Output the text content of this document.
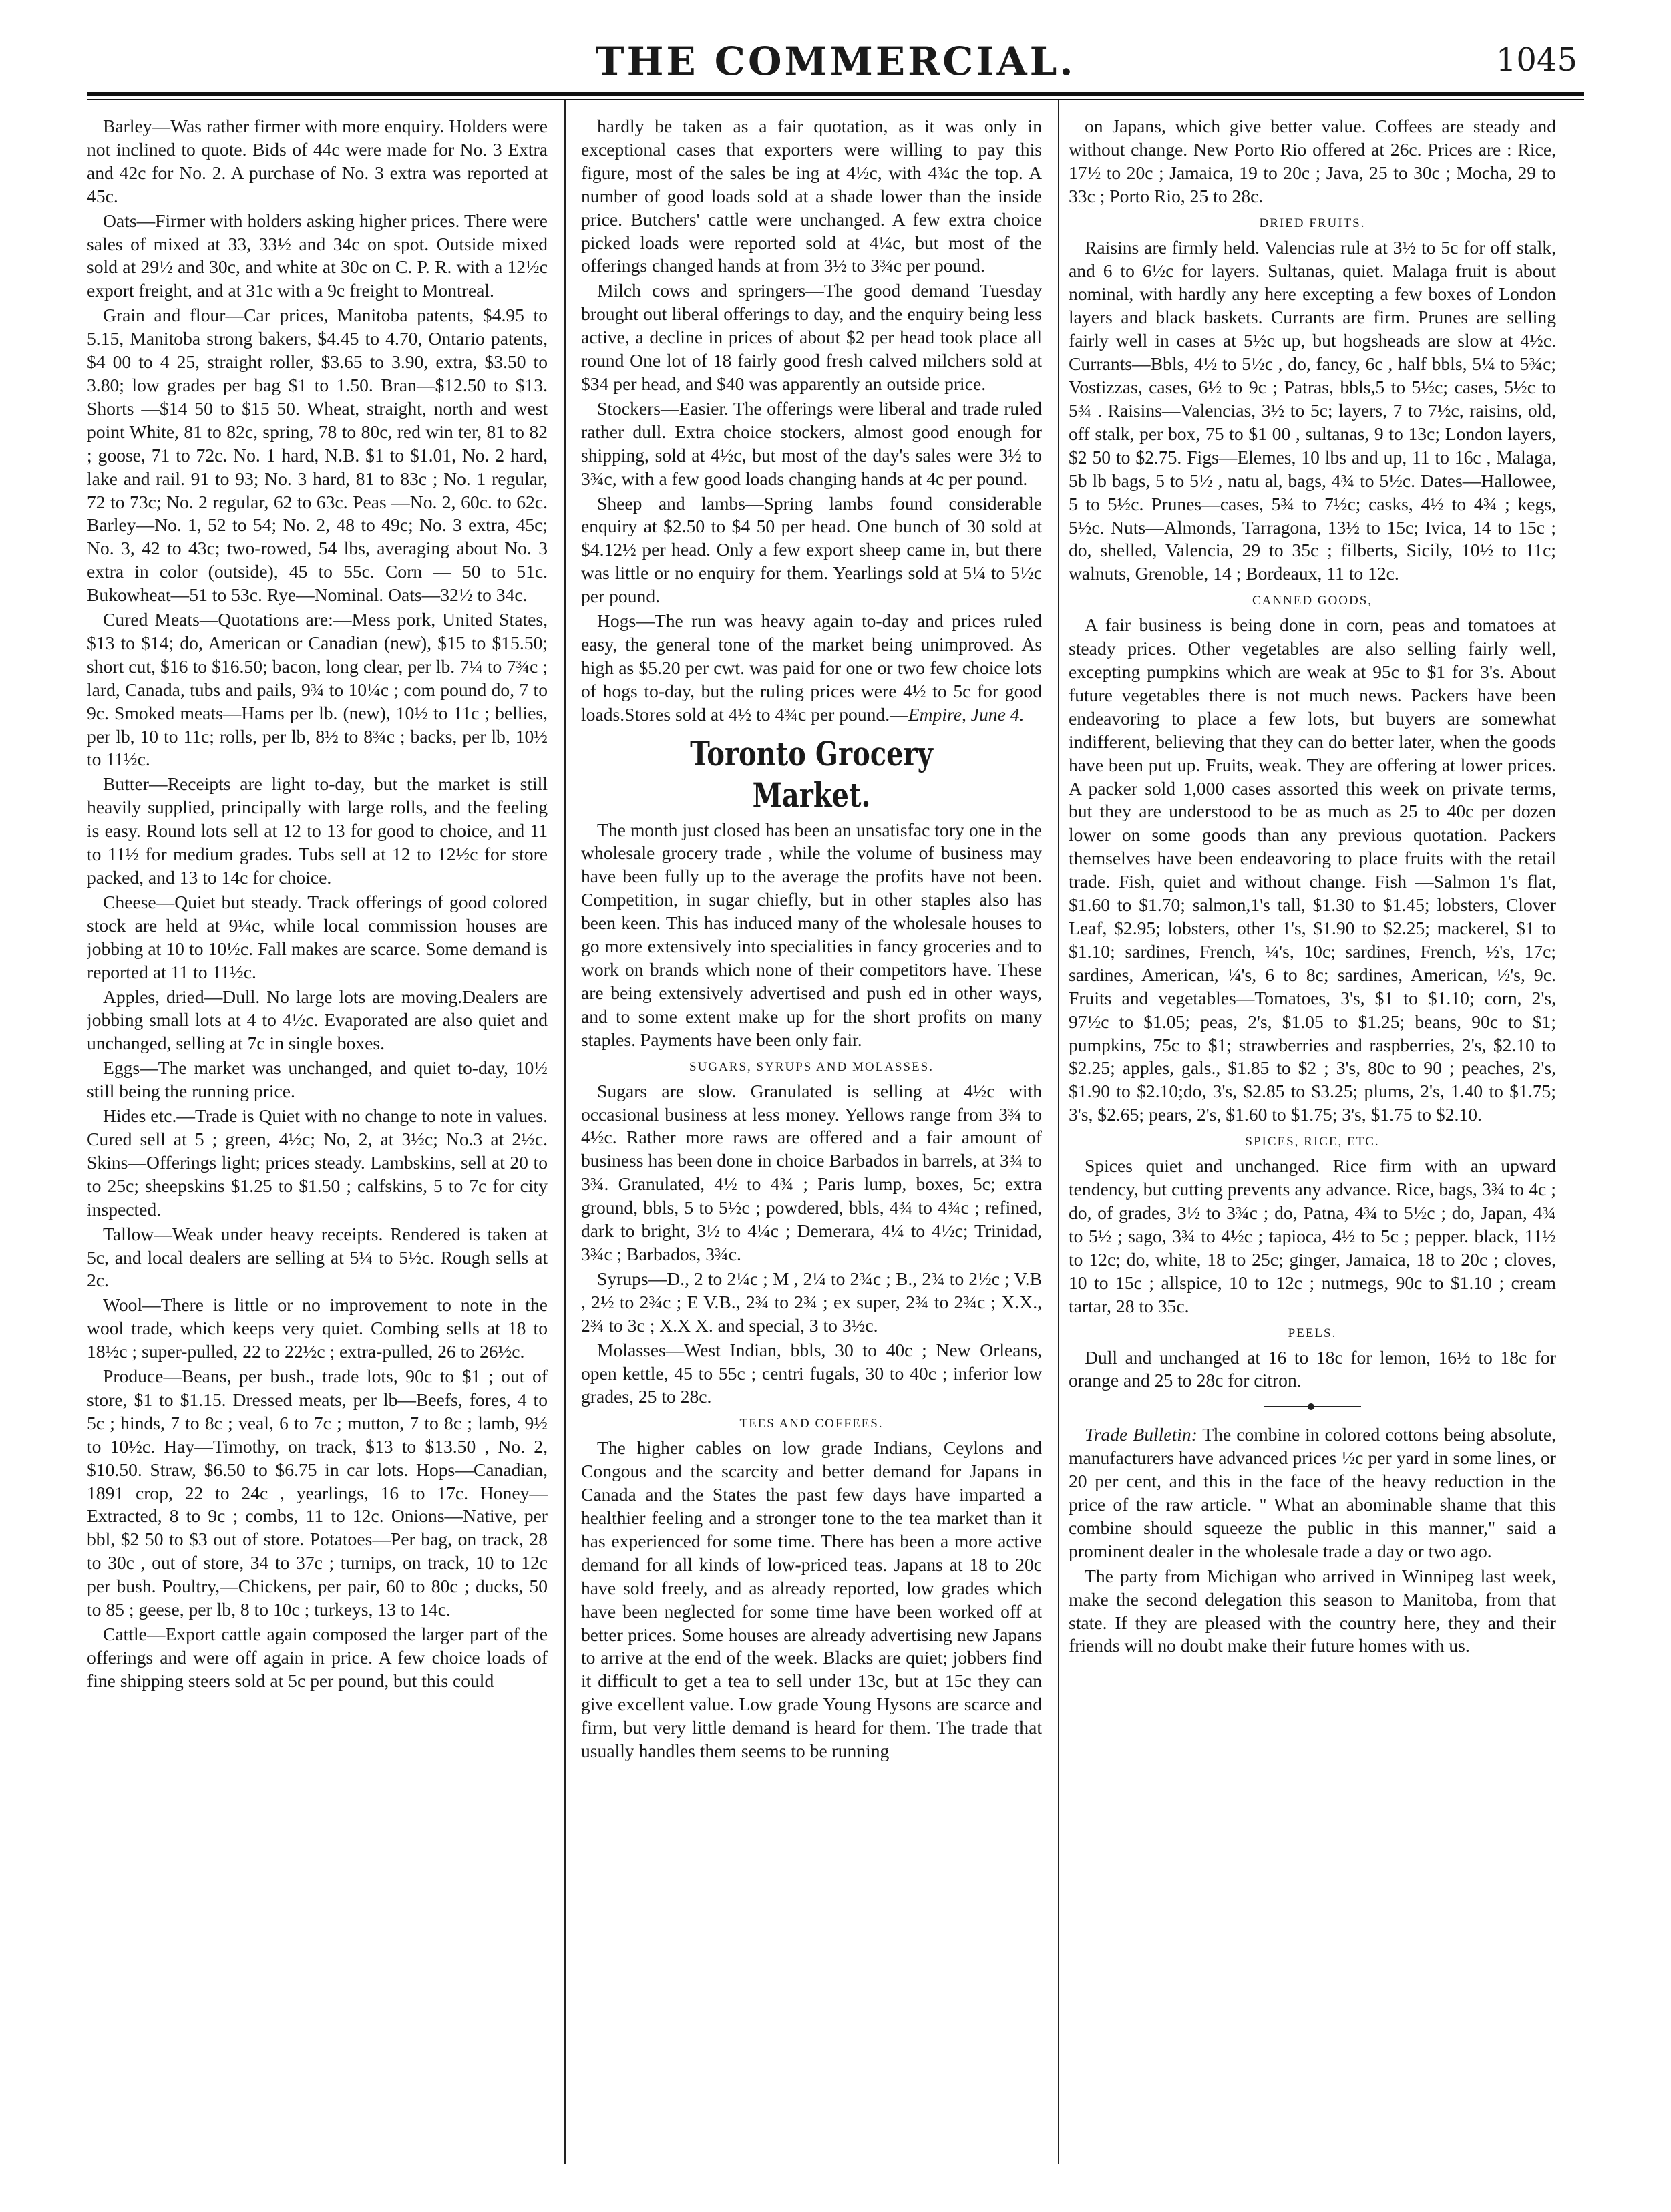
THE COMMERCIAL.	1045

Barley—Was rather firmer with more enquiry. Holders were not inclined to quote. Bids of 44c were made for No. 3 Extra and 42c for No. 2. A purchase of No. 3 extra was reported at 45c.

Oats—Firmer with holders asking higher prices. There were sales of mixed at 33, 33½ and 34c on spot. Outside mixed sold at 29½ and 30c, and white at 30c on C. P. R. with a 12½c export freight, and at 31c with a 9c freight to Montreal.

Grain and flour—Car prices, Manitoba patents, $4.95 to 5.15, Manitoba strong bakers, $4.45 to 4.70, Ontario patents, $4 00 to 4 25, straight roller, $3.65 to 3.90, extra, $3.50 to 3.80; low grades per bag $1 to 1.50. Bran—$12.50 to $13. Shorts —$14 50 to $15 50. Wheat, straight, north and west point White, 81 to 82c, spring, 78 to 80c, red win ter, 81 to 82 ; goose, 71 to 72c. No. 1 hard, N.B. $1 to $1.01, No. 2 hard, lake and rail. 91 to 93; No. 3 hard, 81 to 83c ; No. 1 regular, 72 to 73c; No. 2 regular, 62 to 63c. Peas —No. 2, 60c. to 62c. Barley—No. 1, 52 to 54; No. 2, 48 to 49c; No. 3 extra, 45c; No. 3, 42 to 43c; two-rowed, 54 lbs, averaging about No. 3 extra in color (outside), 45 to 55c. Corn — 50 to 51c. Bukowheat—51 to 53c. Rye—Nominal. Oats—32½ to 34c.

Cured Meats—Quotations are:—Mess pork, United States, $13 to $14; do, American or Canadian (new), $15 to $15.50; short cut, $16 to $16.50; bacon, long clear, per lb. 7¼ to 7¾c ; lard, Canada, tubs and pails, 9¾ to 10¼c ; com pound do, 7 to 9c. Smoked meats—Hams per lb. (new), 10½ to 11c ; bellies, per lb, 10 to 11c; rolls, per lb, 8½ to 8¾c ; backs, per lb, 10½ to 11½c.

Butter—Receipts are light to-day, but the market is still heavily supplied, principally with large rolls, and the feeling is easy. Round lots sell at 12 to 13 for good to choice, and 11 to 11½ for medium grades. Tubs sell at 12 to 12½c for store packed, and 13 to 14c for choice.

Cheese—Quiet but steady. Track offerings of good colored stock are held at 9¼c, while local commission houses are jobbing at 10 to 10½c. Fall makes are scarce. Some demand is reported at 11 to 11½c.

Apples, dried—Dull. No large lots are moving.Dealers are jobbing small lots at 4 to 4½c. Evaporated are also quiet and unchanged, selling at 7c in single boxes.

Eggs—The market was unchanged, and quiet to-day, 10½ still being the running price.

Hides etc.—Trade is Quiet with no change to note in values. Cured sell at 5 ; green, 4½c; No, 2, at 3½c; No.3 at 2½c. Skins—Offerings light; prices steady. Lambskins, sell at 20 to to 25c; sheepskins $1.25 to $1.50 ; calfskins, 5 to 7c for city inspected.

Tallow—Weak under heavy receipts. Rendered is taken at 5c, and local dealers are selling at 5¼ to 5½c. Rough sells at 2c.

Wool—There is little or no improvement to note in the wool trade, which keeps very quiet. Combing sells at 18 to 18½c ; super-pulled, 22 to 22½c ; extra-pulled, 26 to 26½c.

Produce—Beans, per bush., trade lots, 90c to $1 ; out of store, $1 to $1.15. Dressed meats, per lb—Beefs, fores, 4 to 5c ; hinds, 7 to 8c ; veal, 6 to 7c ; mutton, 7 to 8c ; lamb, 9½ to 10½c. Hay—Timothy, on track, $13 to $13.50 , No. 2, $10.50. Straw, $6.50 to $6.75 in car lots. Hops—Canadian, 1891 crop, 22 to 24c , yearlings, 16 to 17c. Honey—Extracted, 8 to 9c ; combs, 11 to 12c. Onions—Native, per bbl, $2 50 to $3 out of store. Potatoes—Per bag, on track, 28 to 30c , out of store, 34 to 37c ; turnips, on track, 10 to 12c per bush. Poultry,—Chickens, per pair, 60 to 80c ; ducks, 50 to 85 ; geese, per lb, 8 to 10c ; turkeys, 13 to 14c.

Cattle—Export cattle again composed the larger part of the offerings and were off again in price. A few choice loads of fine shipping steers sold at 5c per pound, but this could

hardly be taken as a fair quotation, as it was only in exceptional cases that exporters were willing to pay this figure, most of the sales be ing at 4½c, with 4¾c the top. A number of good loads sold at a shade lower than the inside price. Butchers' cattle were unchanged. A few extra choice picked loads were reported sold at 4¼c, but most of the offerings changed hands at from 3½ to 3¾c per pound.

Milch cows and springers—The good demand Tuesday brought out liberal offerings to day, and the enquiry being less active, a decline in prices of about $2 per head took place all round One lot of 18 fairly good fresh calved milchers sold at $34 per head, and $40 was apparently an outside price.

Stockers—Easier. The offerings were liberal and trade ruled rather dull. Extra choice stockers, almost good enough for shipping, sold at 4½c, but most of the day's sales were 3½ to 3¾c, with a few good loads changing hands at 4c per pound.

Sheep and lambs—Spring lambs found considerable enquiry at $2.50 to $4 50 per head. One bunch of 30 sold at $4.12½ per head. Only a few export sheep came in, but there was little or no enquiry for them. Yearlings sold at 5¼ to 5½c per pound.

Hogs—The run was heavy again to-day and prices ruled easy, the general tone of the market being unimproved. As high as $5.20 per cwt. was paid for one or two few choice lots of hogs to-day, but the ruling prices were 4½ to 5c for good loads.Stores sold at 4½ to 4¾c per pound.—Empire, June 4.

Toronto Grocery Market.

The month just closed has been an unsatisfac tory one in the wholesale grocery trade , while the volume of business may have been fully up to the average the profits have not been. Competition, in sugar chiefly, but in other staples also has been keen. This has induced many of the wholesale houses to go more extensively into specialities in fancy groceries and to work on brands which none of their competitors have. These are being extensively advertised and push ed in other ways, and to some extent make up for the short profits on many staples. Payments have been only fair.

SUGARS, SYRUPS AND MOLASSES.

Sugars are slow. Granulated is selling at 4½c with occasional business at less money. Yellows range from 3¾ to 4½c. Rather more raws are offered and a fair amount of business has been done in choice Barbados in barrels, at 3¾ to 3¾. Granulated, 4½ to 4¾ ; Paris lump, boxes, 5c; extra ground, bbls, 5 to 5½c ; powdered, bbls, 4¾ to 4¾c ; refined, dark to bright, 3½ to 4¼c ; Demerara, 4¼ to 4½c; Trinidad, 3¾c ; Barbados, 3¾c.

Syrups—D., 2 to 2¼c ; M , 2¼ to 2¾c ; B., 2¾ to 2½c ; V.B , 2½ to 2¾c ; E V.B., 2¾ to 2¾ ; ex super, 2¾ to 2¾c ; X.X., 2¾ to 3c ; X.X X. and special, 3 to 3½c.

Molasses—West Indian, bbls, 30 to 40c ; New Orleans, open kettle, 45 to 55c ; centri fugals, 30 to 40c ; inferior low grades, 25 to 28c.

TEES AND COFFEES.

The higher cables on low grade Indians, Ceylons and Congous and the scarcity and better demand for Japans in Canada and the States the past few days have imparted a healthier feeling and a stronger tone to the tea market than it has experienced for some time. There has been a more active demand for all kinds of low-priced teas. Japans at 18 to 20c have sold freely, and as already reported, low grades which have been neglected for some time have been worked off at better prices. Some houses are already advertising new Japans to arrive at the end of the week. Blacks are quiet; jobbers find it difficult to get a tea to sell under 13c, but at 15c they can give excellent value. Low grade Young Hysons are scarce and firm, but very little demand is heard for them. The trade that usually handles them seems to be running

on Japans, which give better value. Coffees are steady and without change. New Porto Rio offered at 26c. Prices are : Rice, 17½ to 20c ; Jamaica, 19 to 20c ; Java, 25 to 30c ; Mocha, 29 to 33c ; Porto Rio, 25 to 28c.

DRIED FRUITS.

Raisins are firmly held. Valencias rule at 3½ to 5c for off stalk, and 6 to 6½c for layers. Sultanas, quiet. Malaga fruit is about nominal, with hardly any here excepting a few boxes of London layers and black baskets. Currants are firm. Prunes are selling fairly well in cases at 5½c up, but hogsheads are slow at 4½c. Currants—Bbls, 4½ to 5½c , do, fancy, 6c , half bbls, 5¼ to 5¾c; Vostizzas, cases, 6½ to 9c ; Patras, bbls,5 to 5½c; cases, 5½c to 5¾ . Raisins—Valencias, 3½ to 5c; layers, 7 to 7½c, raisins, old, off stalk, per box, 75 to $1 00 , sultanas, 9 to 13c; London layers, $2 50 to $2.75. Figs—Elemes, 10 lbs and up, 11 to 16c , Malaga, 5b lb bags, 5 to 5½ , natu al, bags, 4¾ to 5½c. Dates—Hallowee, 5 to 5½c. Prunes—cases, 5¾ to 7½c; casks, 4½ to 4¾ ; kegs, 5½c. Nuts—Almonds, Tarragona, 13½ to 15c; Ivica, 14 to 15c ; do, shelled, Valencia, 29 to 35c ; filberts, Sicily, 10½ to 11c; walnuts, Grenoble, 14 ; Bordeaux, 11 to 12c.

CANNED GOODS,

A fair business is being done in corn, peas and tomatoes at steady prices. Other vegetables are also selling fairly well, excepting pumpkins which are weak at 95c to $1 for 3's. About future vegetables there is not much news. Packers have been endeavoring to place a few lots, but buyers are somewhat indifferent, believing that they can do better later, when the goods have been put up. Fruits, weak. They are offering at lower prices. A packer sold 1,000 cases assorted this week on private terms, but they are understood to be as much as 25 to 40c per dozen lower on some goods than any previous quotation. Packers themselves have been endeavoring to place fruits with the retail trade. Fish, quiet and without change. Fish —Salmon 1's flat, $1.60 to $1.70; salmon,1's tall, $1.30 to $1.45; lobsters, Clover Leaf, $2.95; lobsters, other 1's, $1.90 to $2.25; mackerel, $1 to $1.10; sardines, French, ¼'s, 10c; sardines, French, ½'s, 17c; sardines, American, ¼'s, 6 to 8c; sardines, American, ½'s, 9c. Fruits and vegetables—Tomatoes, 3's, $1 to $1.10; corn, 2's, 97½c to $1.05; peas, 2's, $1.05 to $1.25; beans, 90c to $1; pumpkins, 75c to $1; strawberries and raspberries, 2's, $2.10 to $2.25; apples, gals., $1.85 to $2 ; 3's, 80c to 90 ; peaches, 2's, $1.90 to $2.10;do, 3's, $2.85 to $3.25; plums, 2's, 1.40 to $1.75; 3's, $2.65; pears, 2's, $1.60 to $1.75; 3's, $1.75 to $2.10.

SPICES, RICE, ETC.

Spices quiet and unchanged. Rice firm with an upward tendency, but cutting prevents any advance. Rice, bags, 3¾ to 4c ; do, of grades, 3½ to 3¾c ; do, Patna, 4¾ to 5½c ; do, Japan, 4¾ to 5½ ; sago, 3¾ to 4½c ; tapioca, 4½ to 5c ; pepper. black, 11½ to 12c; do, white, 18 to 25c; ginger, Jamaica, 18 to 20c ; cloves, 10 to 15c ; allspice, 10 to 12c ; nutmegs, 90c to $1.10 ; cream tartar, 28 to 35c.

PEELS.

Dull and unchanged at 16 to 18c for lemon, 16½ to 18c for orange and 25 to 28c for citron.

Trade Bulletin: The combine in colored cottons being absolute, manufacturers have advanced prices ½c per yard in some lines, or 20 per cent, and this in the face of the heavy reduction in the price of the raw article. " What an abominable shame that this combine should squeeze the public in this manner," said a prominent dealer in the wholesale trade a day or two ago.

The party from Michigan who arrived in Winnipeg last week, make the second delegation this season to Manitoba, from that state. If they are pleased with the country here, they and their friends will no doubt make their future homes with us.
